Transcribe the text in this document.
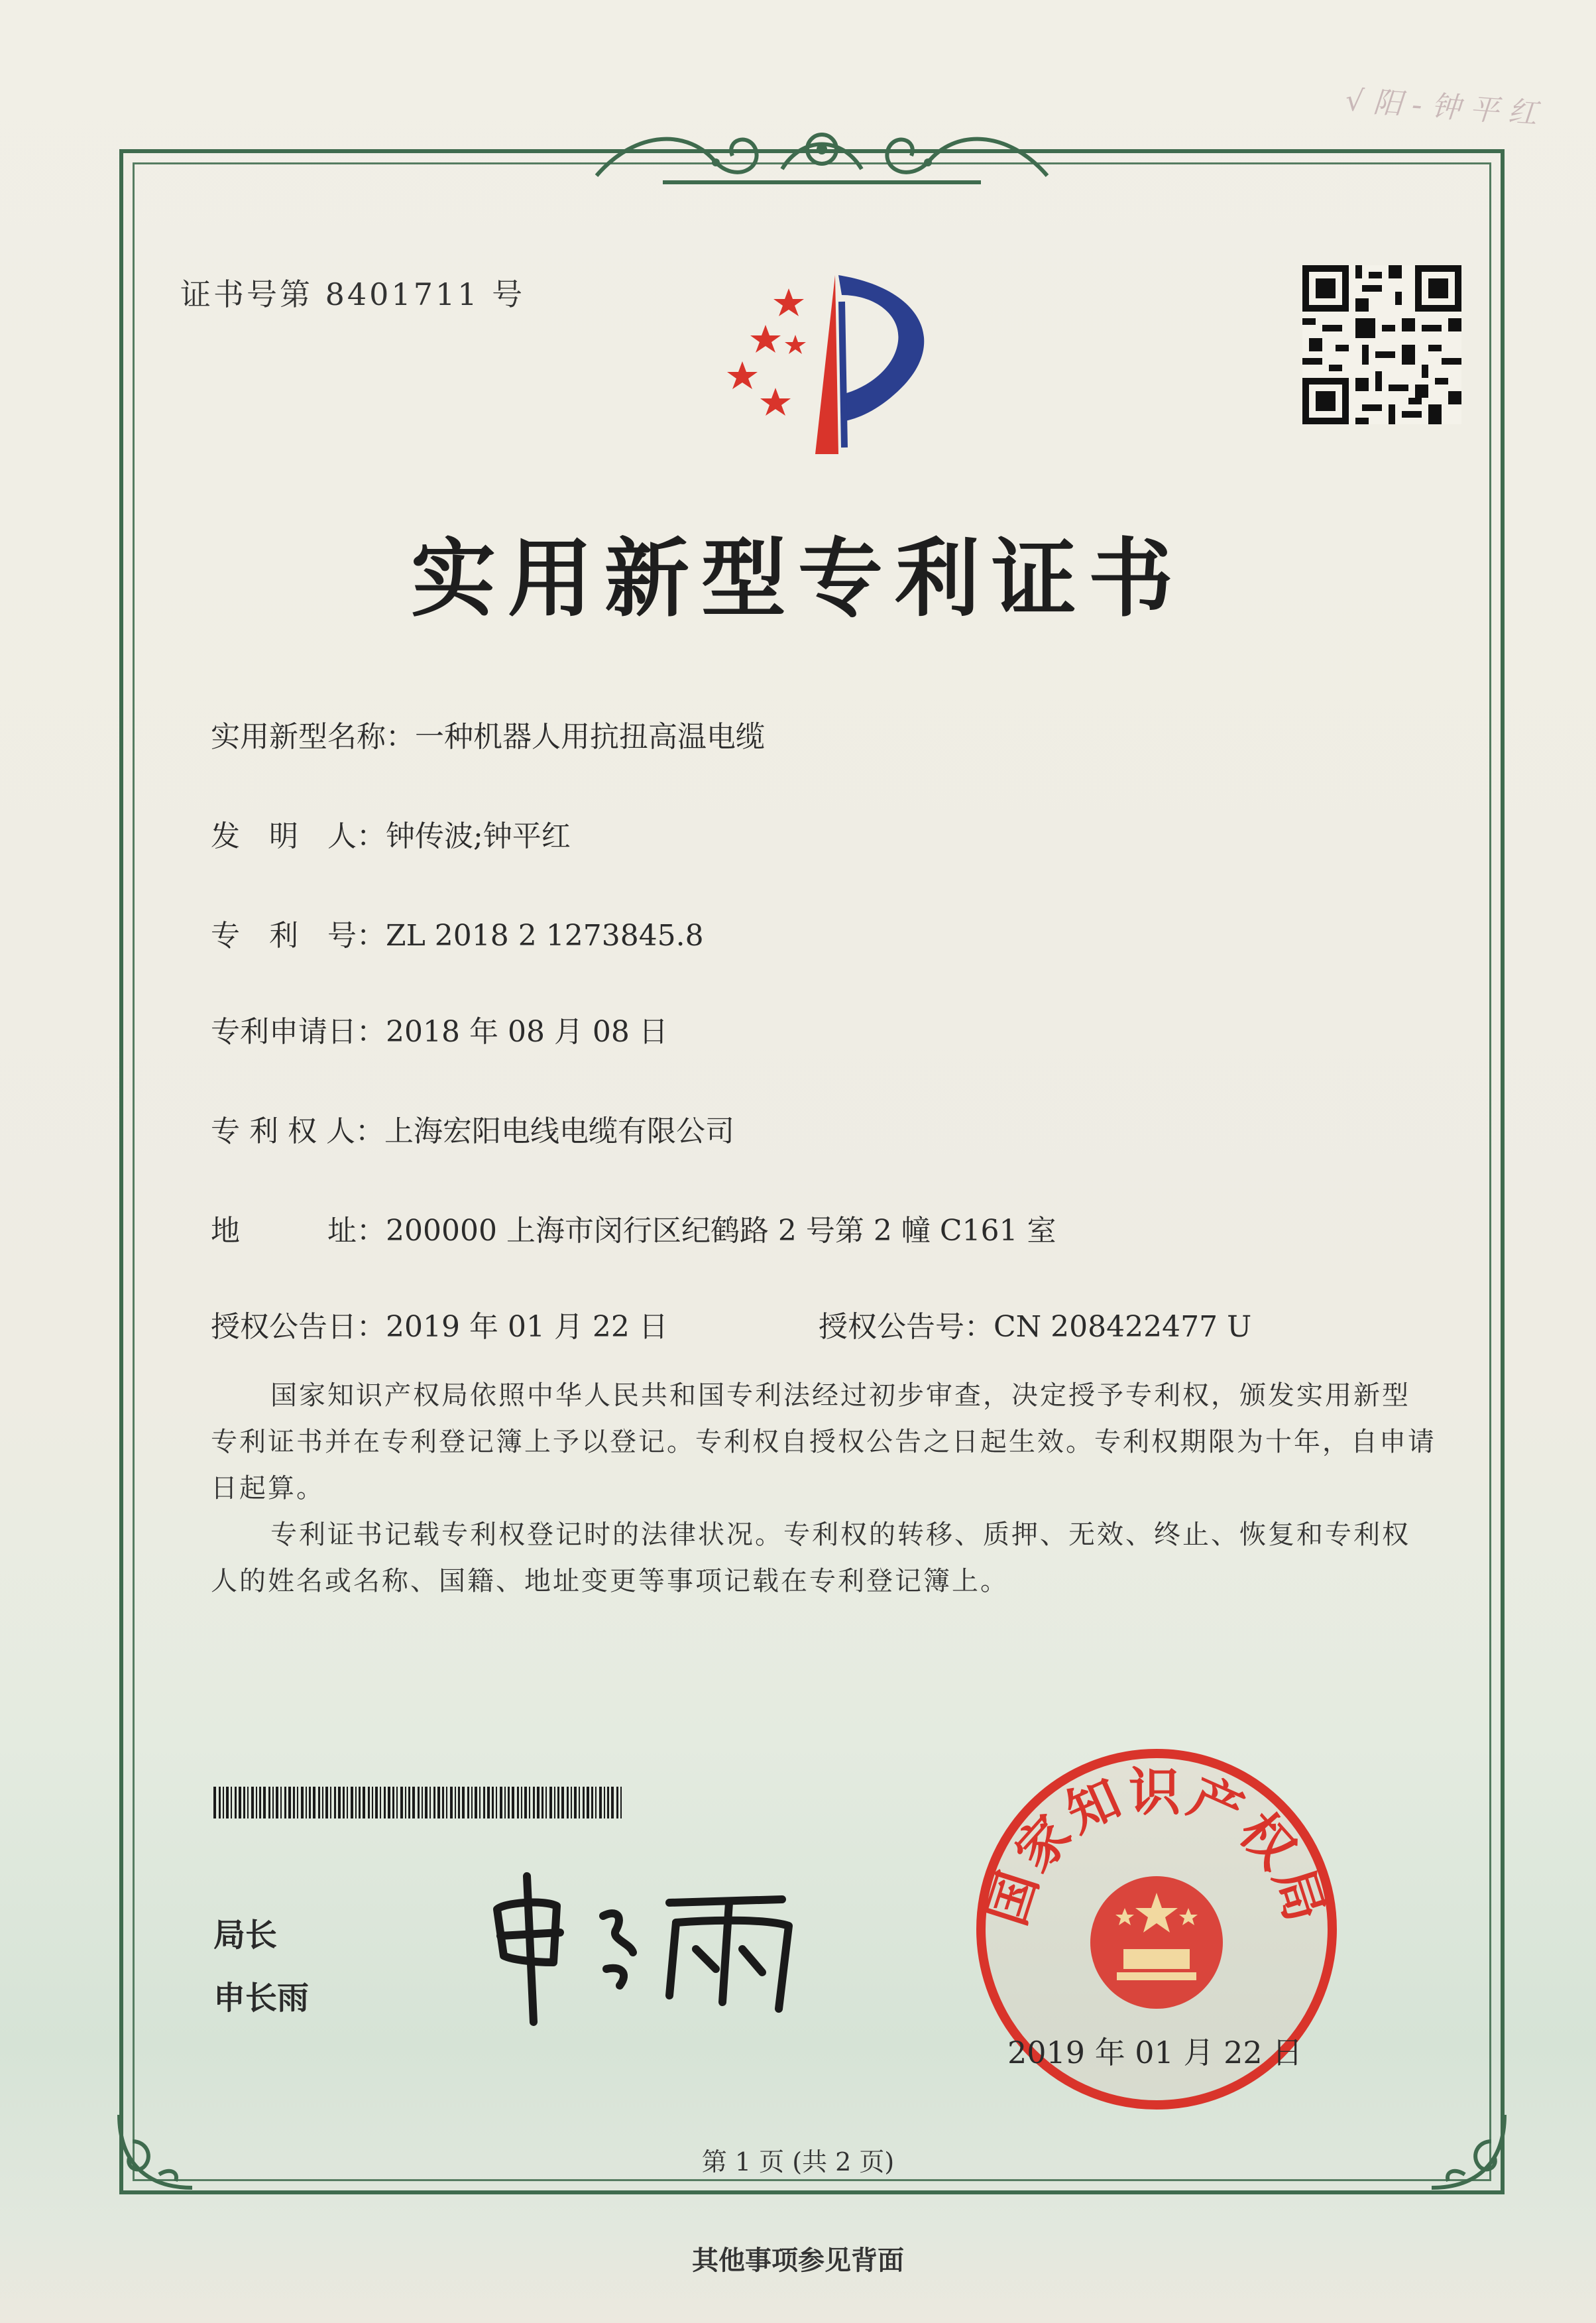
√ 阳 - 钟 平 红
证书号第 8401711 号
实用新型专利证书
实用新型名称：一种机器人用抗扭高温电缆
发　明　人：钟传波;钟平红
专　利　号：ZL 2018 2 1273845.8
专利申请日：2018 年 08 月 08 日
专 利 权 人：上海宏阳电线电缆有限公司
地　　　址：200000 上海市闵行区纪鹤路 2 号第 2 幢 C161 室
授权公告日：2019 年 01 月 22 日	授权公告号：CN 208422477 U
国家知识产权局依照中华人民共和国专利法经过初步审查，决定授予专利权，颁发实用新型专利证书并在专利登记簿上予以登记。专利权自授权公告之日起生效。专利权期限为十年，自申请日起算。
专利证书记载专利权登记时的法律状况。专利权的转移、质押、无效、终止、恢复和专利权人的姓名或名称、国籍、地址变更等事项记载在专利登记簿上。
局长
申长雨
国家知识产权局
2019 年 01 月 22 日
第 1 页 (共 2 页)
其他事项参见背面
